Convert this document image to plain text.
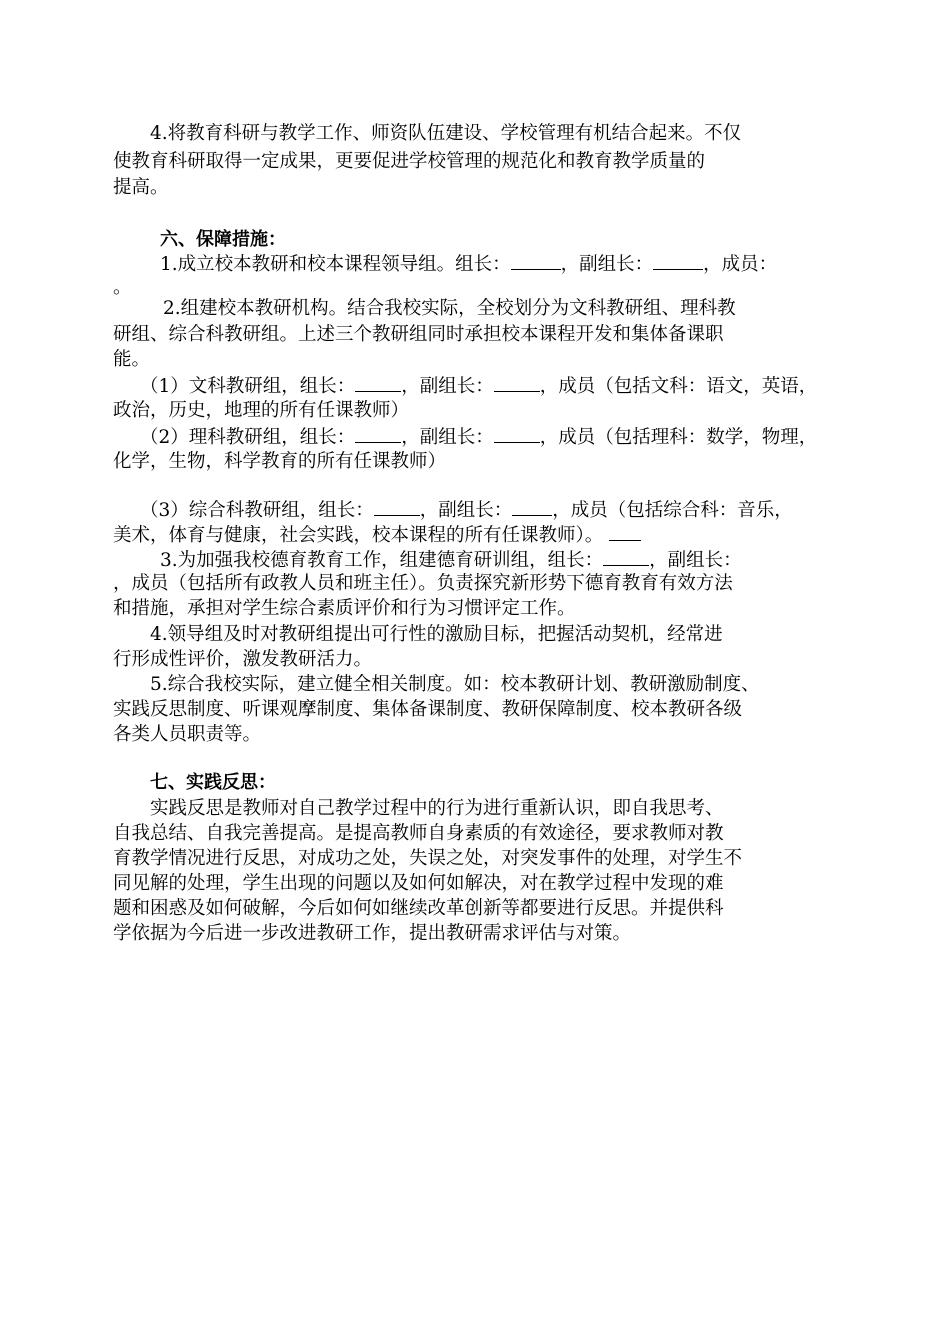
4.将教育科研与教学工作、师资队伍建设、学校管理有机结合起来。不仅
使教育科研取得一定成果，更要促进学校管理的规范化和教育教学质量的
提高。
六、保障措施：
1.成立校本教研和校本课程领导组。组长：	，副组长：	，成员：
。
2.组建校本教研机构。结合我校实际，全校划分为文科教研组、理科教
研组、综合科教研组。上述三个教研组同时承担校本课程开发和集体备课职
能。
（1）文科教研组，组长： ，副组长： ，成员（包括文科：语文，英语，
政治，历史，地理的所有任课教师）
（2）理科教研组，组长： ，副组长： ，成员（包括理科：数学，物理，
化学，生物，科学教育的所有任课教师）
（3）综合科教研组，组长： ，副组长： ，成员（包括综合科：音乐，
美术，体育与健康，社会实践，校本课程的所有任课教师）。
3.为加强我校德育教育工作，组建德育研训组，组长： ，副组长：
，成员（包括所有政教人员和班主任）。负责探究新形势下德育教育有效方法
和措施，承担对学生综合素质评价和行为习惯评定工作。
4.领导组及时对教研组提出可行性的激励目标，把握活动契机，经常进
行形成性评价，激发教研活力。
5.综合我校实际，建立健全相关制度。如：校本教研计划、教研激励制度、
实践反思制度、听课观摩制度、集体备课制度、教研保障制度、校本教研各级
各类人员职责等。
七、实践反思：
实践反思是教师对自己教学过程中的行为进行重新认识，即自我思考、
自我总结、自我完善提高。是提高教师自身素质的有效途径，要求教师对教
育教学情况进行反思，对成功之处，失误之处，对突发事件的处理，对学生不
同见解的处理，学生出现的问题以及如何如解决，对在教学过程中发现的难
题和困惑及如何破解，今后如何如继续改革创新等都要进行反思。并提供科
学依据为今后进一步改进教研工作，提出教研需求评估与对策。
